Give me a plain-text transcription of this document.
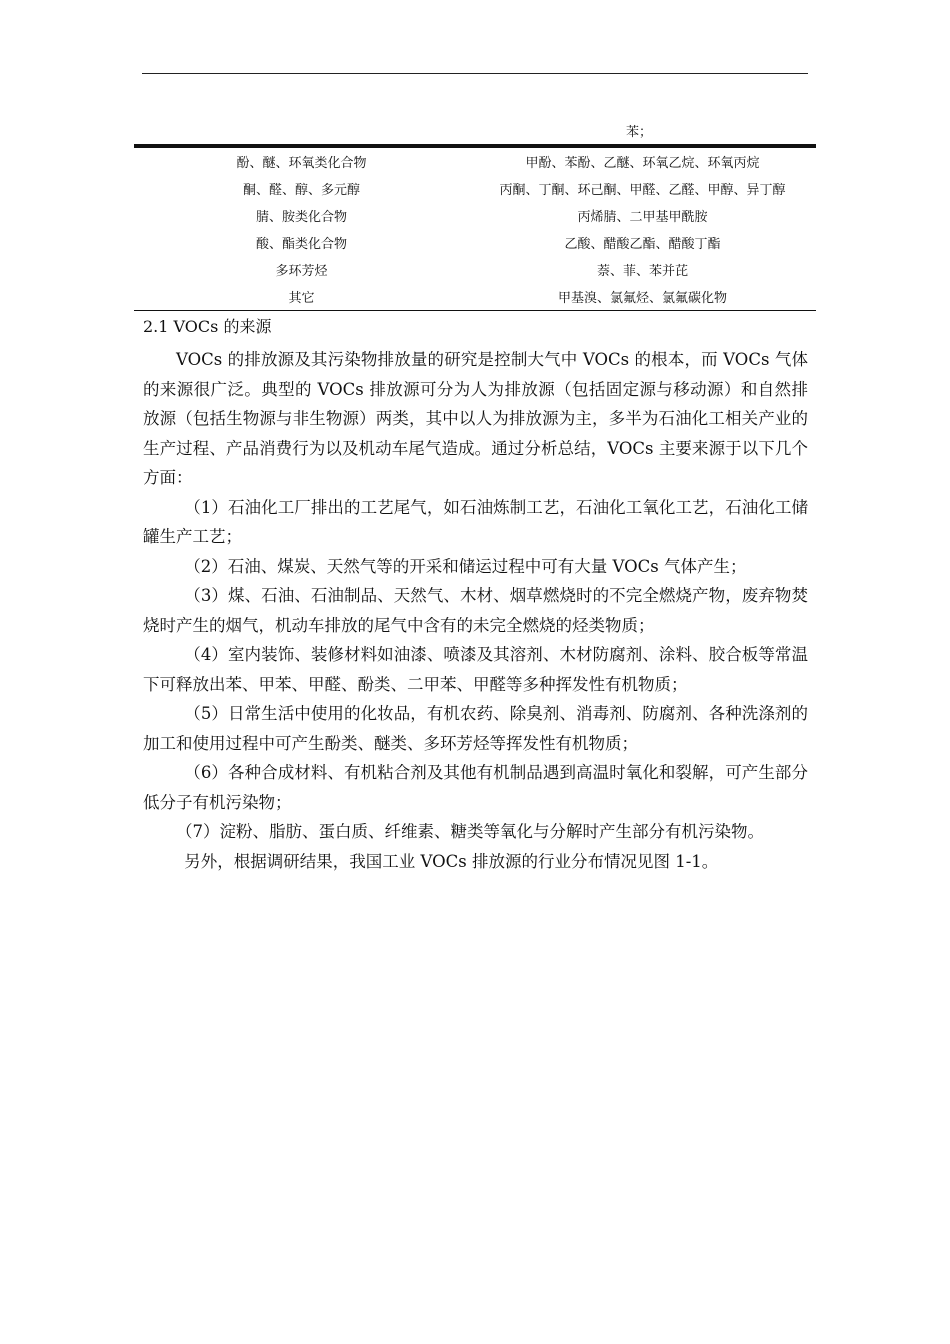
苯；
酚、醚、环氧类化合物	甲酚、苯酚、乙醚、环氧乙烷、环氧丙烷
酮、醛、醇、多元醇	丙酮、丁酮、环己酮、甲醛、乙醛、甲醇、异丁醇
腈、胺类化合物	丙烯腈、二甲基甲酰胺
酸、酯类化合物	乙酸、醋酸乙酯、醋酸丁酯
多环芳烃	萘、菲、苯并芘
其它	甲基溴、氯氟烃、氯氟碳化物
2.1 VOCs 的来源

VOCs 的排放源及其污染物排放量的研究是控制大气中 VOCs 的根本，而 VOCs 气体的来源很广泛。典型的 VOCs 排放源可分为人为排放源（包括固定源与移动源）和自然排放源（包括生物源与非生物源）两类，其中以人为排放源为主，多半为石油化工相关产业的生产过程、产品消费行为以及机动车尾气造成。通过分析总结，VOCs 主要来源于以下几个方面：

（1）石油化工厂排出的工艺尾气，如石油炼制工艺，石油化工氧化工艺，石油化工储罐生产工艺；

（2）石油、煤炭、天然气等的开采和储运过程中可有大量 VOCs 气体产生；

（3）煤、石油、石油制品、天然气、木材、烟草燃烧时的不完全燃烧产物，废弃物焚烧时产生的烟气，机动车排放的尾气中含有的未完全燃烧的烃类物质；

（4）室内装饰、装修材料如油漆、喷漆及其溶剂、木材防腐剂、涂料、胶合板等常温下可释放出苯、甲苯、甲醛、酚类、二甲苯、甲醛等多种挥发性有机物质；

（5）日常生活中使用的化妆品，有机农药、除臭剂、消毒剂、防腐剂、各种洗涤剂的加工和使用过程中可产生酚类、醚类、多环芳烃等挥发性有机物质；

（6）各种合成材料、有机粘合剂及其他有机制品遇到高温时氧化和裂解，可产生部分低分子有机污染物；

（7）淀粉、脂肪、蛋白质、纤维素、糖类等氧化与分解时产生部分有机污染物。

另外，根据调研结果，我国工业 VOCs 排放源的行业分布情况见图 1-1。
